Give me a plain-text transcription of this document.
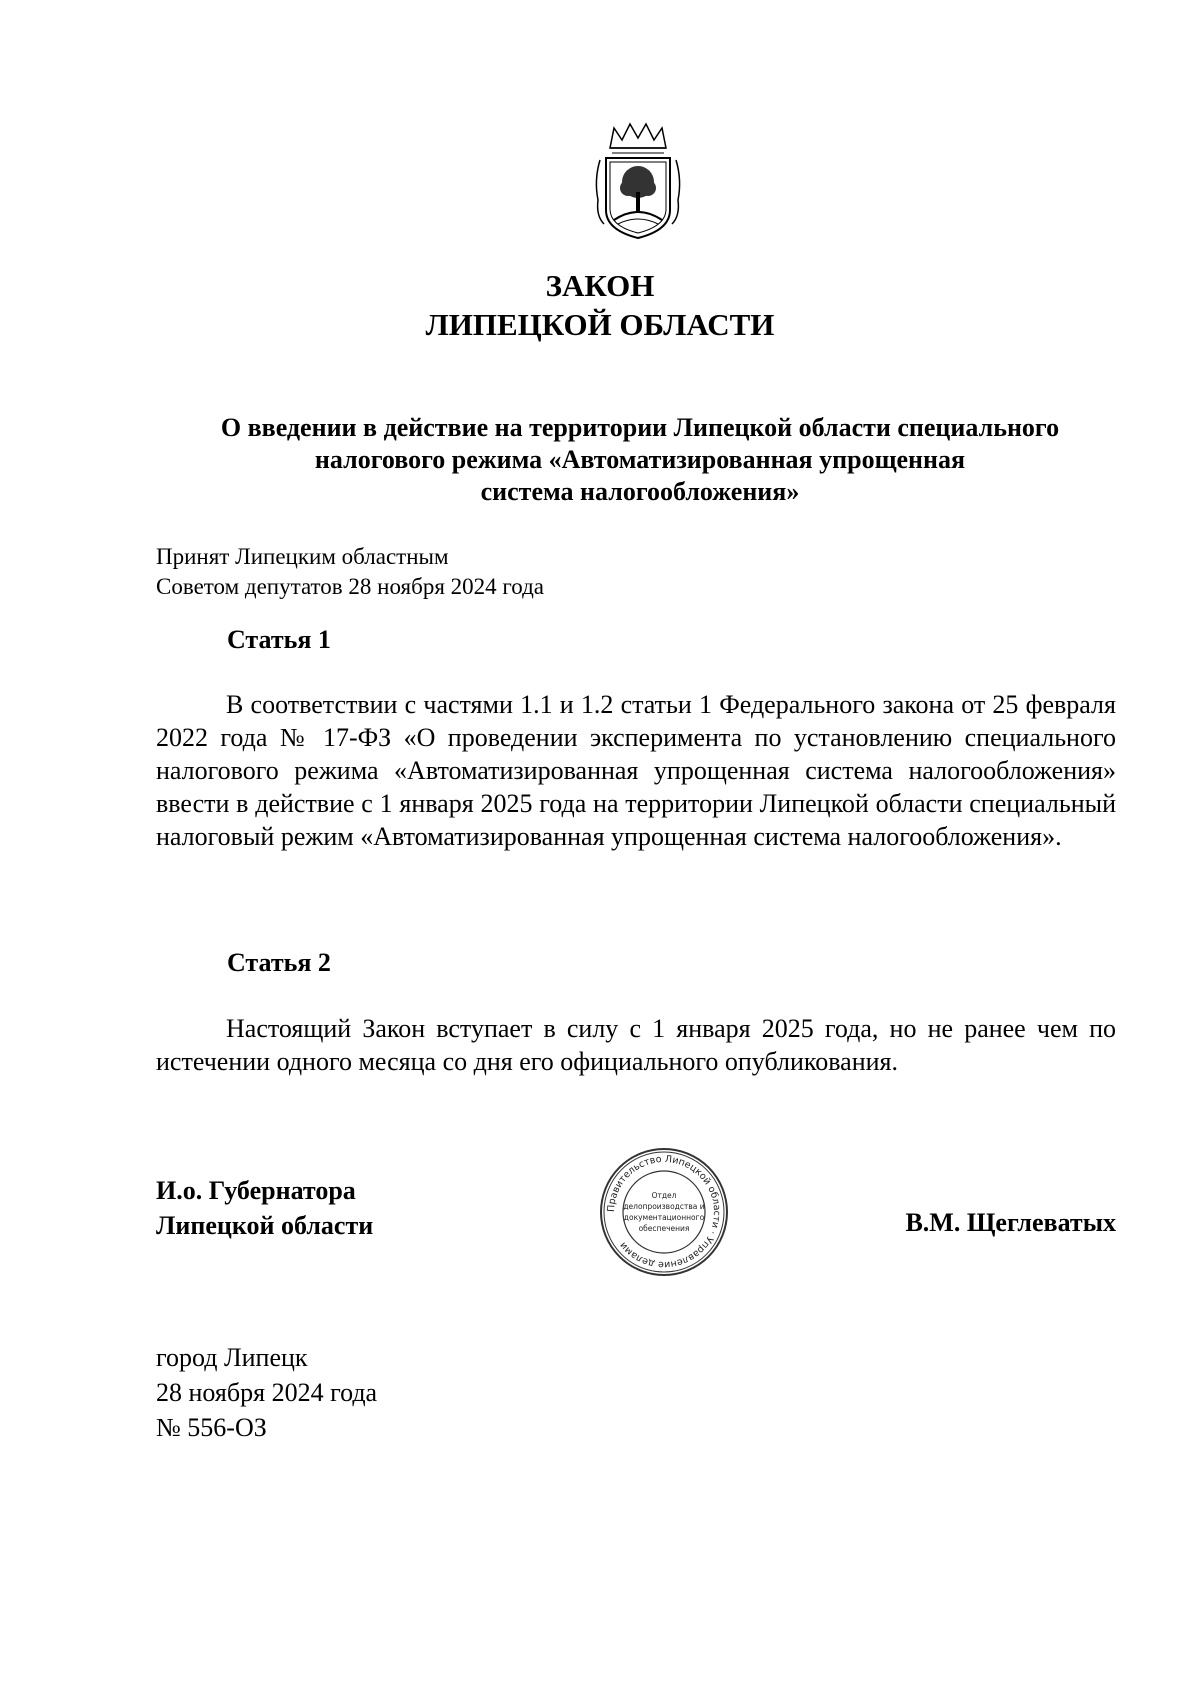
ЗАКОН
ЛИПЕЦКОЙ ОБЛАСТИ
О введении в действие на территории Липецкой области специального
налогового режима «Автоматизированная упрощенная
система налогообложения»
Принят Липецким областным
Советом депутатов 28 ноября 2024 года
Статья 1
В соответствии с частями 1.1 и 1.2 статьи 1 Федерального закона от 25 февраля 2022 года № 17-ФЗ «О проведении эксперимента по установлению специального налогового режима «Автоматизированная упрощенная система налогообложения» ввести в действие с 1 января 2025 года на территории Липецкой области специальный налоговый режим «Автоматизированная упрощенная система налогообложения».
Статья 2
Настоящий Закон вступает в силу с 1 января 2025 года, но не ранее чем по истечении одного месяца со дня его официального опубликования.
И.о. Губернатора
Липецкой области
Правительство Липецкой области · Управление делами
Отдел
делопроизводства и
документационного
обеспечения	В.М. Щеглеватых
город Липецк
28 ноября 2024 года
№ 556-ОЗ
